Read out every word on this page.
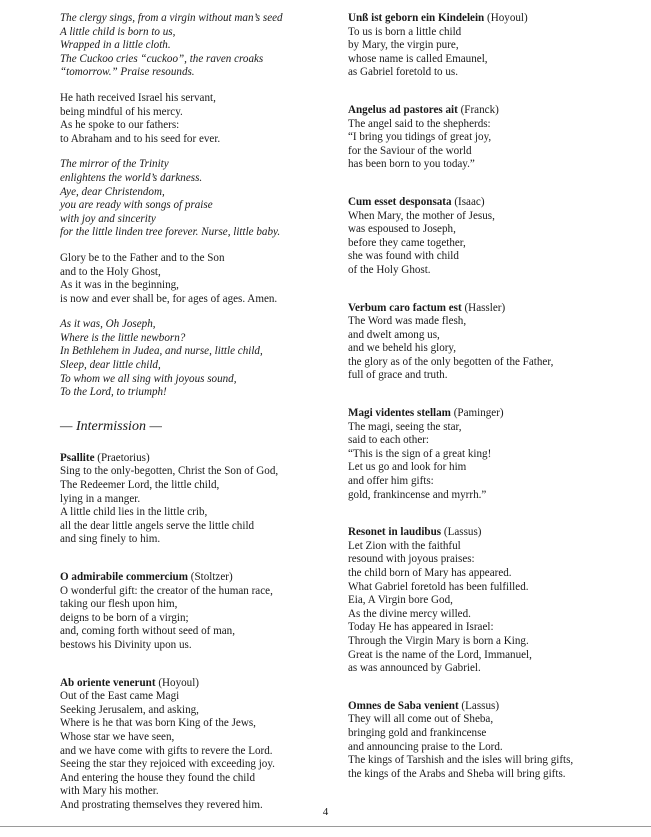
The clergy sings, from a virgin without man’s seed
A little child is born to us,
Wrapped in a little cloth.
The Cuckoo cries “cuckoo”, the raven croaks
“tomorrow.” Praise resounds.
He hath received Israel his servant,
being mindful of his mercy.
As he spoke to our fathers:
to Abraham and to his seed for ever.
The mirror of the Trinity
enlightens the world’s darkness.
Aye, dear Christendom,
you are ready with songs of praise
with joy and sincerity
for the little linden tree forever. Nurse, little baby.
Glory be to the Father and to the Son
and to the Holy Ghost,
As it was in the beginning,
is now and ever shall be, for ages of ages. Amen.
As it was, Oh Joseph,
Where is the little newborn?
In Bethlehem in Judea, and nurse, little child,
Sleep, dear little child,
To whom we all sing with joyous sound,
To the Lord, to triumph!
— Intermission —
Psallite (Praetorius)
Sing to the only-begotten, Christ the Son of God,
The Redeemer Lord, the little child,
lying in a manger.
A little child lies in the little crib,
all the dear little angels serve the little child
and sing finely to him.
O admirabile commercium (Stoltzer)
O wonderful gift: the creator of the human race,
taking our flesh upon him,
deigns to be born of a virgin;
and, coming forth without seed of man,
bestows his Divinity upon us.
Ab oriente venerunt (Hoyoul)
Out of the East came Magi
Seeking Jerusalem, and asking,
Where is he that was born King of the Jews,
Whose star we have seen,
and we have come with gifts to revere the Lord.
Seeing the star they rejoiced with exceeding joy.
And entering the house they found the child
with Mary his mother.
And prostrating themselves they revered him.
Unß ist geborn ein Kindelein (Hoyoul)
To us is born a little child
by Mary, the virgin pure,
whose name is called Emaunel,
as Gabriel foretold to us.
Angelus ad pastores ait (Franck)
The angel said to the shepherds:
“I bring you tidings of great joy,
for the Saviour of the world
has been born to you today.”
Cum esset desponsata (Isaac)
When Mary, the mother of Jesus,
was espoused to Joseph,
before they came together,
she was found with child
of the Holy Ghost.
Verbum caro factum est (Hassler)
The Word was made flesh,
and dwelt among us,
and we beheld his glory,
the glory as of the only begotten of the Father,
full of grace and truth.
Magi videntes stellam (Paminger)
The magi, seeing the star,
said to each other:
“This is the sign of a great king!
Let us go and look for him
and offer him gifts:
gold, frankincense and myrrh.”
Resonet in laudibus (Lassus)
Let Zion with the faithful
resound with joyous praises:
the child born of Mary has appeared.
What Gabriel foretold has been fulfilled.
Eia, A Virgin bore God,
As the divine mercy willed.
Today He has appeared in Israel:
Through the Virgin Mary is born a King.
Great is the name of the Lord, Immanuel,
as was announced by Gabriel.
Omnes de Saba venient (Lassus)
They will all come out of Sheba,
bringing gold and frankincense
and announcing praise to the Lord.
The kings of Tarshish and the isles will bring gifts,
the kings of the Arabs and Sheba will bring gifts.
4
